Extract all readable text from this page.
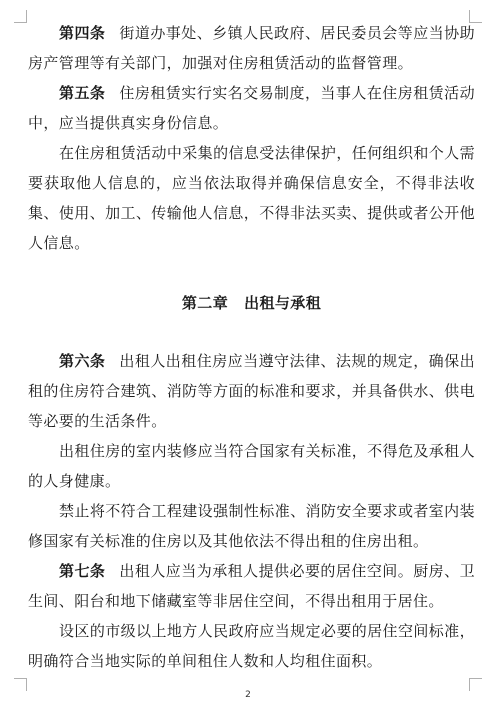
第四条 街道办事处、乡镇人民政府、居民委员会等应当协助房产管理等有关部门，加强对住房租赁活动的监督管理。

第五条 住房租赁实行实名交易制度，当事人在住房租赁活动中，应当提供真实身份信息。

在住房租赁活动中采集的信息受法律保护，任何组织和个人需要获取他人信息的，应当依法取得并确保信息安全，不得非法收集、使用、加工、传输他人信息，不得非法买卖、提供或者公开他人信息。

第二章 出租与承租

第六条 出租人出租住房应当遵守法律、法规的规定，确保出租的住房符合建筑、消防等方面的标准和要求，并具备供水、供电等必要的生活条件。

出租住房的室内装修应当符合国家有关标准，不得危及承租人的人身健康。

禁止将不符合工程建设强制性标准、消防安全要求或者室内装修国家有关标准的住房以及其他依法不得出租的住房出租。

第七条 出租人应当为承租人提供必要的居住空间。厨房、卫生间、阳台和地下储藏室等非居住空间，不得出租用于居住。

设区的市级以上地方人民政府应当规定必要的居住空间标准，明确符合当地实际的单间租住人数和人均租住面积。

2
